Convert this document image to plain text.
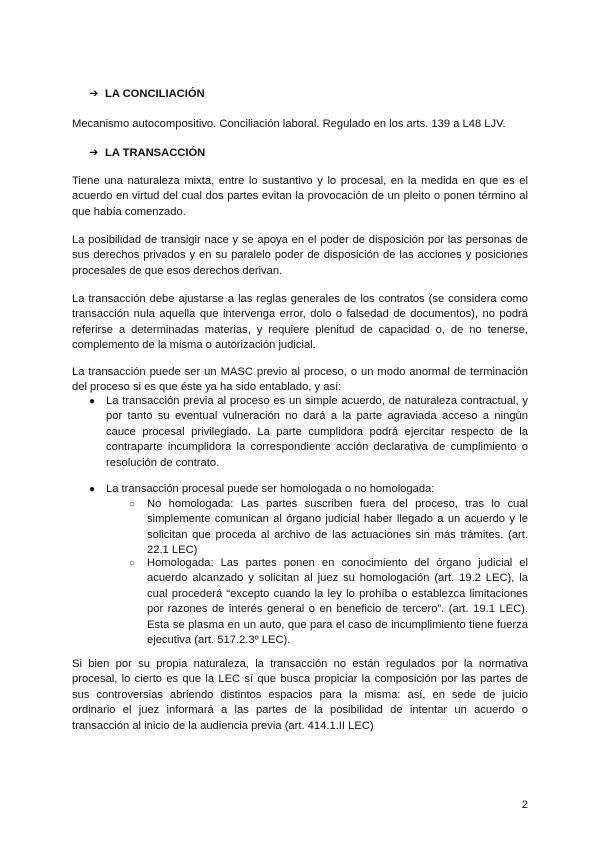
➔ LA CONCILIACIÓN
Mecanismo autocompositivo. Conciliación laboral. Regulado en los arts. 139 a L48 LJV.
➔ LA TRANSACCIÓN
Tiene una naturaleza mixta, entre lo sustantivo y lo procesal, en la medida en que es el acuerdo en virtud del cual dos partes evitan la provocación de un pleito o ponen término al que había comenzado.
La posibilidad de transigir nace y se apoya en el poder de disposición por las personas de sus derechos privados y en su paralelo poder de disposición de las acciones y posiciones procesales de que esos derechos derivan.
La transacción debe ajustarse a las reglas generales de los contratos (se considera como transacción nula aquella que intervenga error, dolo o falsedad de documentos), no podrá referirse a determinadas materias, y requiere plenitud de capacidad o, de no tenerse, complemento de la misma o autorización judicial.
La transacción puede ser un MASC previo al proceso, o un modo anormal de terminación del proceso si es que éste ya ha sido entablado, y así:
● La transacción previa al proceso es un simple acuerdo, de naturaleza contractual, y por tanto su eventual vulneración no dará a la parte agraviada acceso a ningún cauce procesal privilegiado. La parte cumplidora podrá ejercitar respecto de la contraparte incumplidora la correspondiente acción declarativa de cumplimiento o resolución de contrato.
● La transacción procesal puede ser homologada o no homologada:
○ No homologada: Las partes suscriben fuera del proceso, tras lo cual simplemente comunican al órgano judicial haber llegado a un acuerdo y le solicitan que proceda al archivo de las actuaciones sin más trámites. (art. 22.1 LEC)
○ Homologada: Las partes ponen en conocimiento del órgano judicial el acuerdo alcanzado y solicitan al juez su homologación (art. 19.2 LEC), la cual procederá “excepto cuando la ley lo prohíba o establezca limitaciones por razones de interés general o en beneficio de tercero”. (art. 19.1 LEC). Esta se plasma en un auto, que para el caso de incumplimiento tiene fuerza ejecutiva (art. 517.2.3º LEC).
Si bien por su propia naturaleza, la transacción no están regulados por la normativa procesal, lo cierto es que la LEC sí que busca propiciar la composición por las partes de sus controversias abriendo distintos espacios para la misma: así, en sede de juicio ordinario el juez informará a las partes de la posibilidad de intentar un acuerdo o transacción al inicio de la audiencia previa (art. 414.1.II LEC)
2
